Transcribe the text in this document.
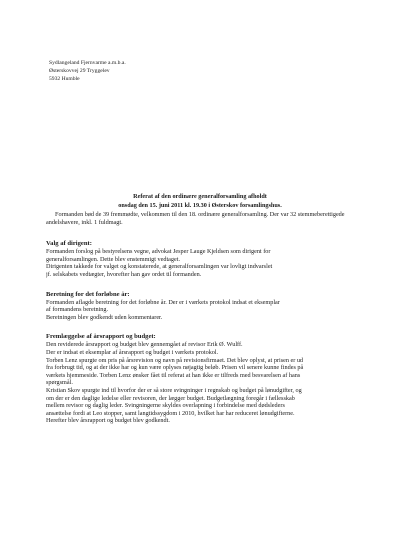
Sydlangeland Fjernvarme a.m.b.a.
Østerskovvej 29 Tryggelev
5932 Humble
Referat af den ordinære generalforsamling afholdt
onsdag den 15. juni 2011 kl. 19.30 i Østerskov forsamlingshus.

Formanden bød de 39 fremmødte, velkommen til den 18. ordinære generalforsamling. Der var 32 stemmeberettigede andelshavere, inkl. 1 fuldmagt.

Valg af dirigent:
Formanden forslog på bestyrelsens vegne, advokat Jesper Lauge Kjeldsen som dirigent for
generalforsamlingen. Dette blev enstemmigt vedtaget.
Dirigenten takkede for valget og konstaterede, at generalforsamlingen var lovligt indvarslet
jf. selskabets vedtægter, hvorefter han gav ordet til formanden.
Beretning for det forløbne år:
Formanden aflagde beretning for det forløbne år. Der er i værkets protokol indsat et eksemplar
af formandens beretning.
Beretningen blev godkendt uden kommentarer.
Fremlæggelse af årsrapport og budget:
Den reviderede årsrapport og budget blev gennemgået af revisor Erik Ø. Wulff.
Der er indsat et eksemplar af årsrapport og budget i værkets protokol.
Torben Lenz spurgte om pris på årsrevision og navn på revisionsfirmaet. Det blev oplyst, at prisen er ud
fra forbrugt tid, og at der ikke har og kun være oplyses nøjagtig beløb. Prisen vil senere kunne findes på
værkets hjemmeside. Torben Lenz ønsker fået til referat at han ikke er tilfreds med besvarelsen af hans
spørgsmål.
Kristian Skov spurgte ind til hvorfor der er så store svingninger i regnskab og budget på lønudgifter, og
om der er den daglige ledelse eller revisoren, der lægger budget. Budgetlægning foregår i fællesskab
mellem revisor og daglig leder. Svingningerne skyldes overlapning i forbindelse med dødsleders
ansættelse fordi at Leo stopper, samt langtidssygdom i 2010, hvilket har har reduceret lønudgifterne.
Herefter blev årsrapport og budget blev godkendt.
